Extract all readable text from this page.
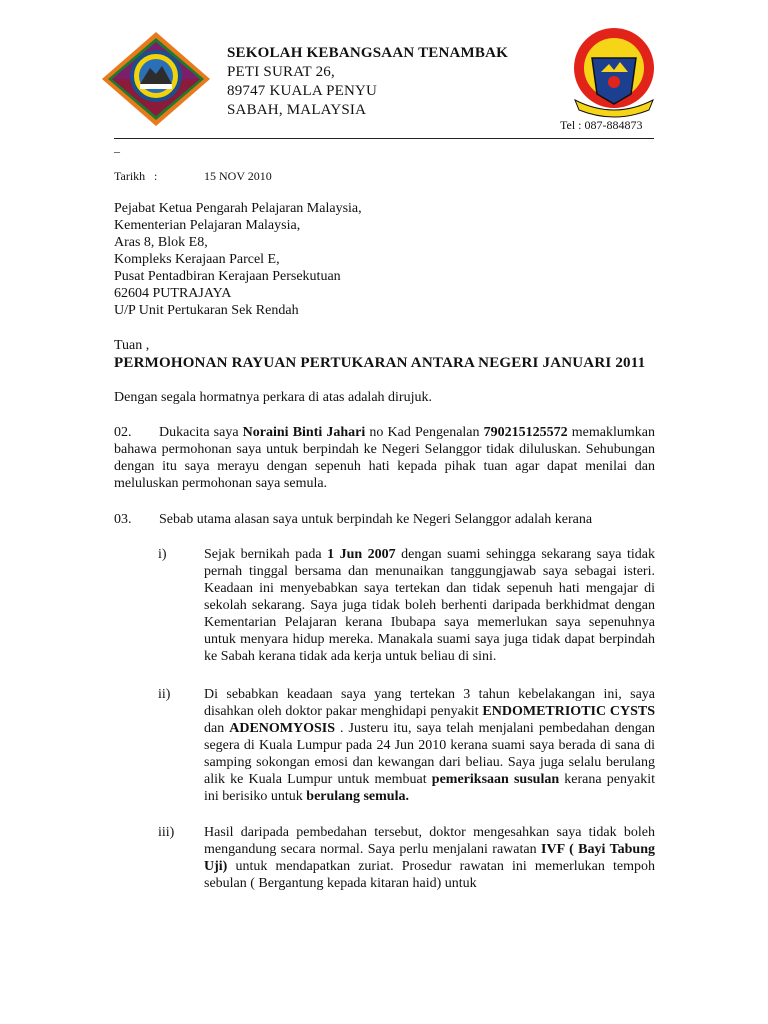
SEKOLAH KEBANGSAAN TENAMBAK
PETI SURAT 26,
89747 KUALA PENYU
SABAH, MALAYSIA
Tel : 087-884873
–
Tarikh :	15 NOV 2010
Pejabat Ketua Pengarah Pelajaran Malaysia,
Kementerian Pelajaran Malaysia,
Aras 8, Blok E8,
Kompleks Kerajaan Parcel E,
Pusat Pentadbiran Kerajaan Persekutuan
62604 PUTRAJAYA
U/P Unit Pertukaran Sek Rendah
Tuan ,
PERMOHONAN RAYUAN PERTUKARAN ANTARA NEGERI JANUARI 2011
Dengan segala hormatnya perkara di atas adalah dirujuk.
02. Dukacita saya Noraini Binti Jahari no Kad Pengenalan 790215125572 memaklumkan bahawa permohonan saya untuk berpindah ke Negeri Selanggor tidak diluluskan. Sehubungan dengan itu saya merayu dengan sepenuh hati kepada pihak tuan agar dapat menilai dan meluluskan permohonan saya semula.
03. Sebab utama alasan saya untuk berpindah ke Negeri Selanggor adalah kerana
i)	Sejak bernikah pada 1 Jun 2007 dengan suami sehingga sekarang saya tidak pernah tinggal bersama dan menunaikan tanggungjawab saya sebagai isteri. Keadaan ini menyebabkan saya tertekan dan tidak sepenuh hati mengajar di sekolah sekarang. Saya juga tidak boleh berhenti daripada berkhidmat dengan Kementarian Pelajaran kerana Ibubapa saya memerlukan saya sepenuhnya untuk menyara hidup mereka. Manakala suami saya juga tidak dapat berpindah ke Sabah kerana tidak ada kerja untuk beliau di sini.
ii) Di sebabkan keadaan saya yang tertekan 3 tahun kebelakangan ini, saya disahkan oleh doktor pakar menghidapi penyakit ENDOMETRIOTIC CYSTS dan ADENOMYOSIS . Justeru itu, saya telah menjalani pembedahan dengan segera di Kuala Lumpur pada 24 Jun 2010 kerana suami saya berada di sana di samping sokongan emosi dan kewangan dari beliau. Saya juga selalu berulang alik ke Kuala Lumpur untuk membuat pemeriksaan susulan kerana penyakit ini berisiko untuk berulang semula.
iii) Hasil daripada pembedahan tersebut, doktor mengesahkan saya tidak boleh mengandung secara normal. Saya perlu menjalani rawatan IVF ( Bayi Tabung Uji) untuk mendapatkan zuriat. Prosedur rawatan ini memerlukan tempoh sebulan ( Bergantung kepada kitaran haid) untuk
